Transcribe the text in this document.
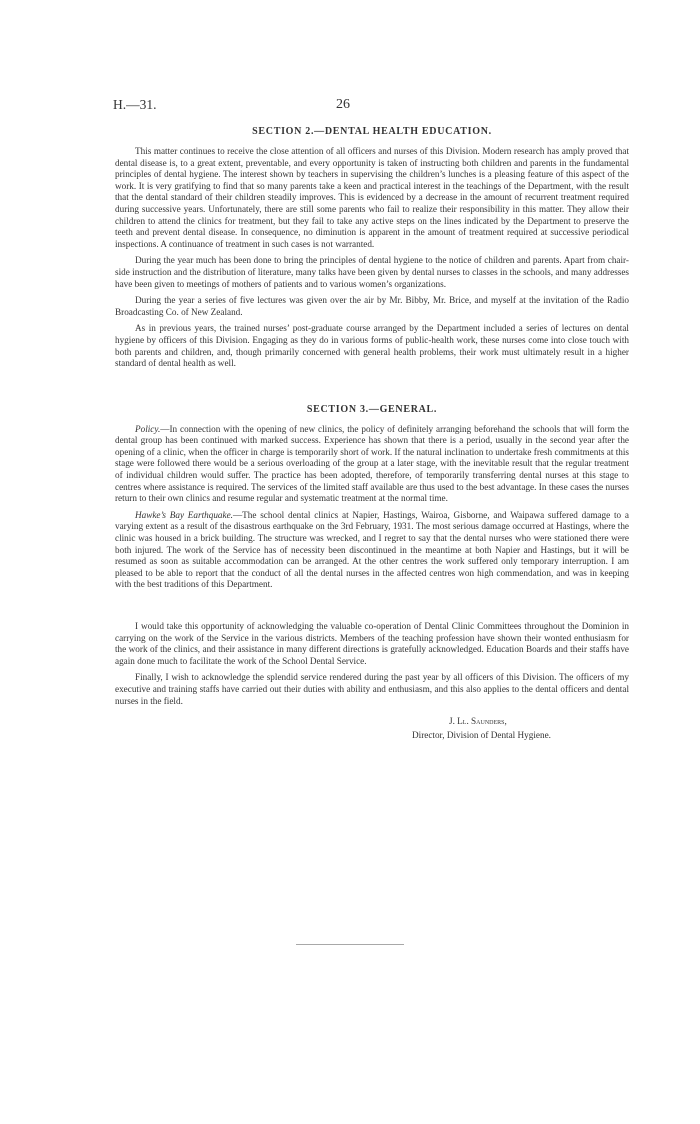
H.—31.	26
SECTION 2.—DENTAL HEALTH EDUCATION.

This matter continues to receive the close attention of all officers and nurses of this Division. Modern research has amply proved that dental disease is, to a great extent, preventable, and every opportunity is taken of instructing both children and parents in the fundamental principles of dental hygiene. The interest shown by teachers in supervising the children’s lunches is a pleasing feature of this aspect of the work. It is very gratifying to find that so many parents take a keen and practical interest in the teachings of the Department, with the result that the dental standard of their children steadily improves. This is evidenced by a decrease in the amount of recurrent treatment required during successive years. Unfortunately, there are still some parents who fail to realize their responsibility in this matter. They allow their children to attend the clinics for treatment, but they fail to take any active steps on the lines indicated by the Department to preserve the teeth and prevent dental disease. In consequence, no diminution is apparent in the amount of treatment required at successive periodical inspections. A continuance of treatment in such cases is not warranted.

During the year much has been done to bring the principles of dental hygiene to the notice of children and parents. Apart from chair-side instruction and the distribution of literature, many talks have been given by dental nurses to classes in the schools, and many addresses have been given to meetings of mothers of patients and to various women’s organizations.

During the year a series of five lectures was given over the air by Mr. Bibby, Mr. Brice, and myself at the invitation of the Radio Broadcasting Co. of New Zealand.

As in previous years, the trained nurses’ post-graduate course arranged by the Department included a series of lectures on dental hygiene by officers of this Division. Engaging as they do in various forms of public-health work, these nurses come into close touch with both parents and children, and, though primarily concerned with general health problems, their work must ultimately result in a higher standard of dental health as well.

SECTION 3.—GENERAL.

Policy.—In connection with the opening of new clinics, the policy of definitely arranging beforehand the schools that will form the dental group has been continued with marked success. Experience has shown that there is a period, usually in the second year after the opening of a clinic, when the officer in charge is temporarily short of work. If the natural inclination to undertake fresh commitments at this stage were followed there would be a serious overloading of the group at a later stage, with the inevitable result that the regular treatment of individual children would suffer. The practice has been adopted, therefore, of temporarily transferring dental nurses at this stage to centres where assistance is required. The services of the limited staff available are thus used to the best advantage. In these cases the nurses return to their own clinics and resume regular and systematic treatment at the normal time.

Hawke’s Bay Earthquake.—The school dental clinics at Napier, Hastings, Wairoa, Gisborne, and Waipawa suffered damage to a varying extent as a result of the disastrous earthquake on the 3rd February, 1931. The most serious damage occurred at Hastings, where the clinic was housed in a brick building. The structure was wrecked, and I regret to say that the dental nurses who were stationed there were both injured. The work of the Service has of necessity been discontinued in the meantime at both Napier and Hastings, but it will be resumed as soon as suitable accommodation can be arranged. At the other centres the work suffered only temporary interruption. I am pleased to be able to report that the conduct of all the dental nurses in the affected centres won high commendation, and was in keeping with the best traditions of this Department.

I would take this opportunity of acknowledging the valuable co-operation of Dental Clinic Committees throughout the Dominion in carrying on the work of the Service in the various districts. Members of the teaching profession have shown their wonted enthusiasm for the work of the clinics, and their assistance in many different directions is gratefully acknowledged. Education Boards and their staffs have again done much to facilitate the work of the School Dental Service.

Finally, I wish to acknowledge the splendid service rendered during the past year by all officers of this Division. The officers of my executive and training staffs have carried out their duties with ability and enthusiasm, and this also applies to the dental officers and dental nurses in the field.

J. Ll. Saunders,
Director, Division of Dental Hygiene.
